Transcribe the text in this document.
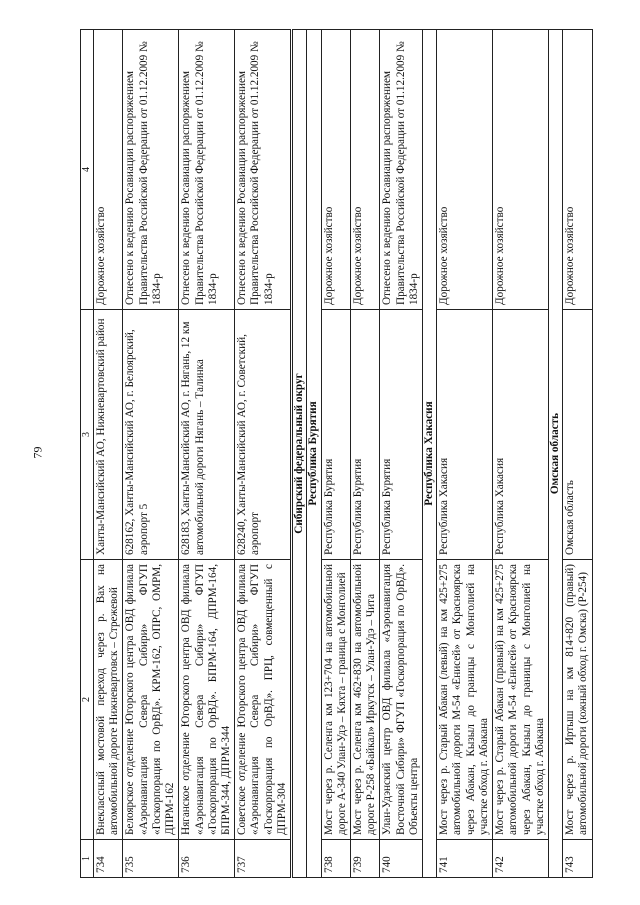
79
1	2	3	4
734	Внеклассный мостовой переход через р. Вах на автомобильной дороге Нижневартовск – Стрежевой	Ханты-Мансийский АО, Нижневартовский район	Дорожное хозяйство
735	Белоярское отделение Югорского центра ОВД филиала «Аэронавигация Севера Сибири» ФГУП «Госкорпорация по ОрВД». КРМ-162, ОПРС, ОМРМ, ДПРМ-162	628162, Ханты-Мансийский АО, г. Белоярский, аэропорт 5	Отнесено к ведению Росавиации распоряжением Правительства Российской Федерации от 01.12.2009 № 1834-р
736	Няганское отделение Югорского центра ОВД филиала «Аэронавигация Севера Сибири» ФГУП «Госкорпорация по ОрВД». БПРМ-164, ДПРМ-164, БПРМ-344, ДПРМ-344	628183, Ханты-Мансийский АО, г. Нягань, 12 км автомобильной дороги Нягань – Талинка	Отнесено к ведению Росавиации распоряжением Правительства Российской Федерации от 01.12.2009 № 1834-р
737	Советское отделение Югорского центра ОВД филиала «Аэронавигация Севера Сибири» ФГУП «Госкорпорация по ОрВД». ПРЦ, совмещенный с ДПРМ-304	628240, Ханты-Мансийский АО, г. Советский, аэропорт	Отнесено к ведению Росавиации распоряжением Правительства Российской Федерации от 01.12.2009 № 1834-р
Сибирский федеральный округ			
Республика Бурятия			
738	Мост через р. Селенга км 123+704 на автомобильной дороге А-340 Улан-Удэ – Кяхта – граница с Монголией	Республика Бурятия	Дорожное хозяйство
739	Мост через р. Селенга км 462+830 на автомобильной дороге Р-258 «Байкал» Иркутск – Улан-Удэ – Чита	Республика Бурятия	Дорожное хозяйство
740	Улан-Удэнский центр ОВД филиала «Аэронавигация Восточной Сибири» ФГУП «Госкорпорация по ОрВД». Объекты центра	Республика Бурятия	Отнесено к ведению Росавиации распоряжением Правительства Российской Федерации от 01.12.2009 № 1834-р
Республика Хакасия			
741	Мост через р. Старый Абакан (левый) на км 425+275 автомобильной дороги М-54 «Енисей» от Красноярска через Абакан, Кызыл до границы с Монголией на участке обход г. Абакана	Республика Хакасия	Дорожное хозяйство
742	Мост через р. Старый Абакан (правый) на км 425+275 автомобильной дороги М-54 «Енисей» от Красноярска через Абакан, Кызыл до границы с Монголией на участке обход г. Абакана	Республика Хакасия	Дорожное хозяйство
Омская область			
743	Мост через р. Иртыш на км 814+820 (правый) автомобильной дороги (южный обход г. Омска) (Р-254)	Омская область	Дорожное хозяйство
